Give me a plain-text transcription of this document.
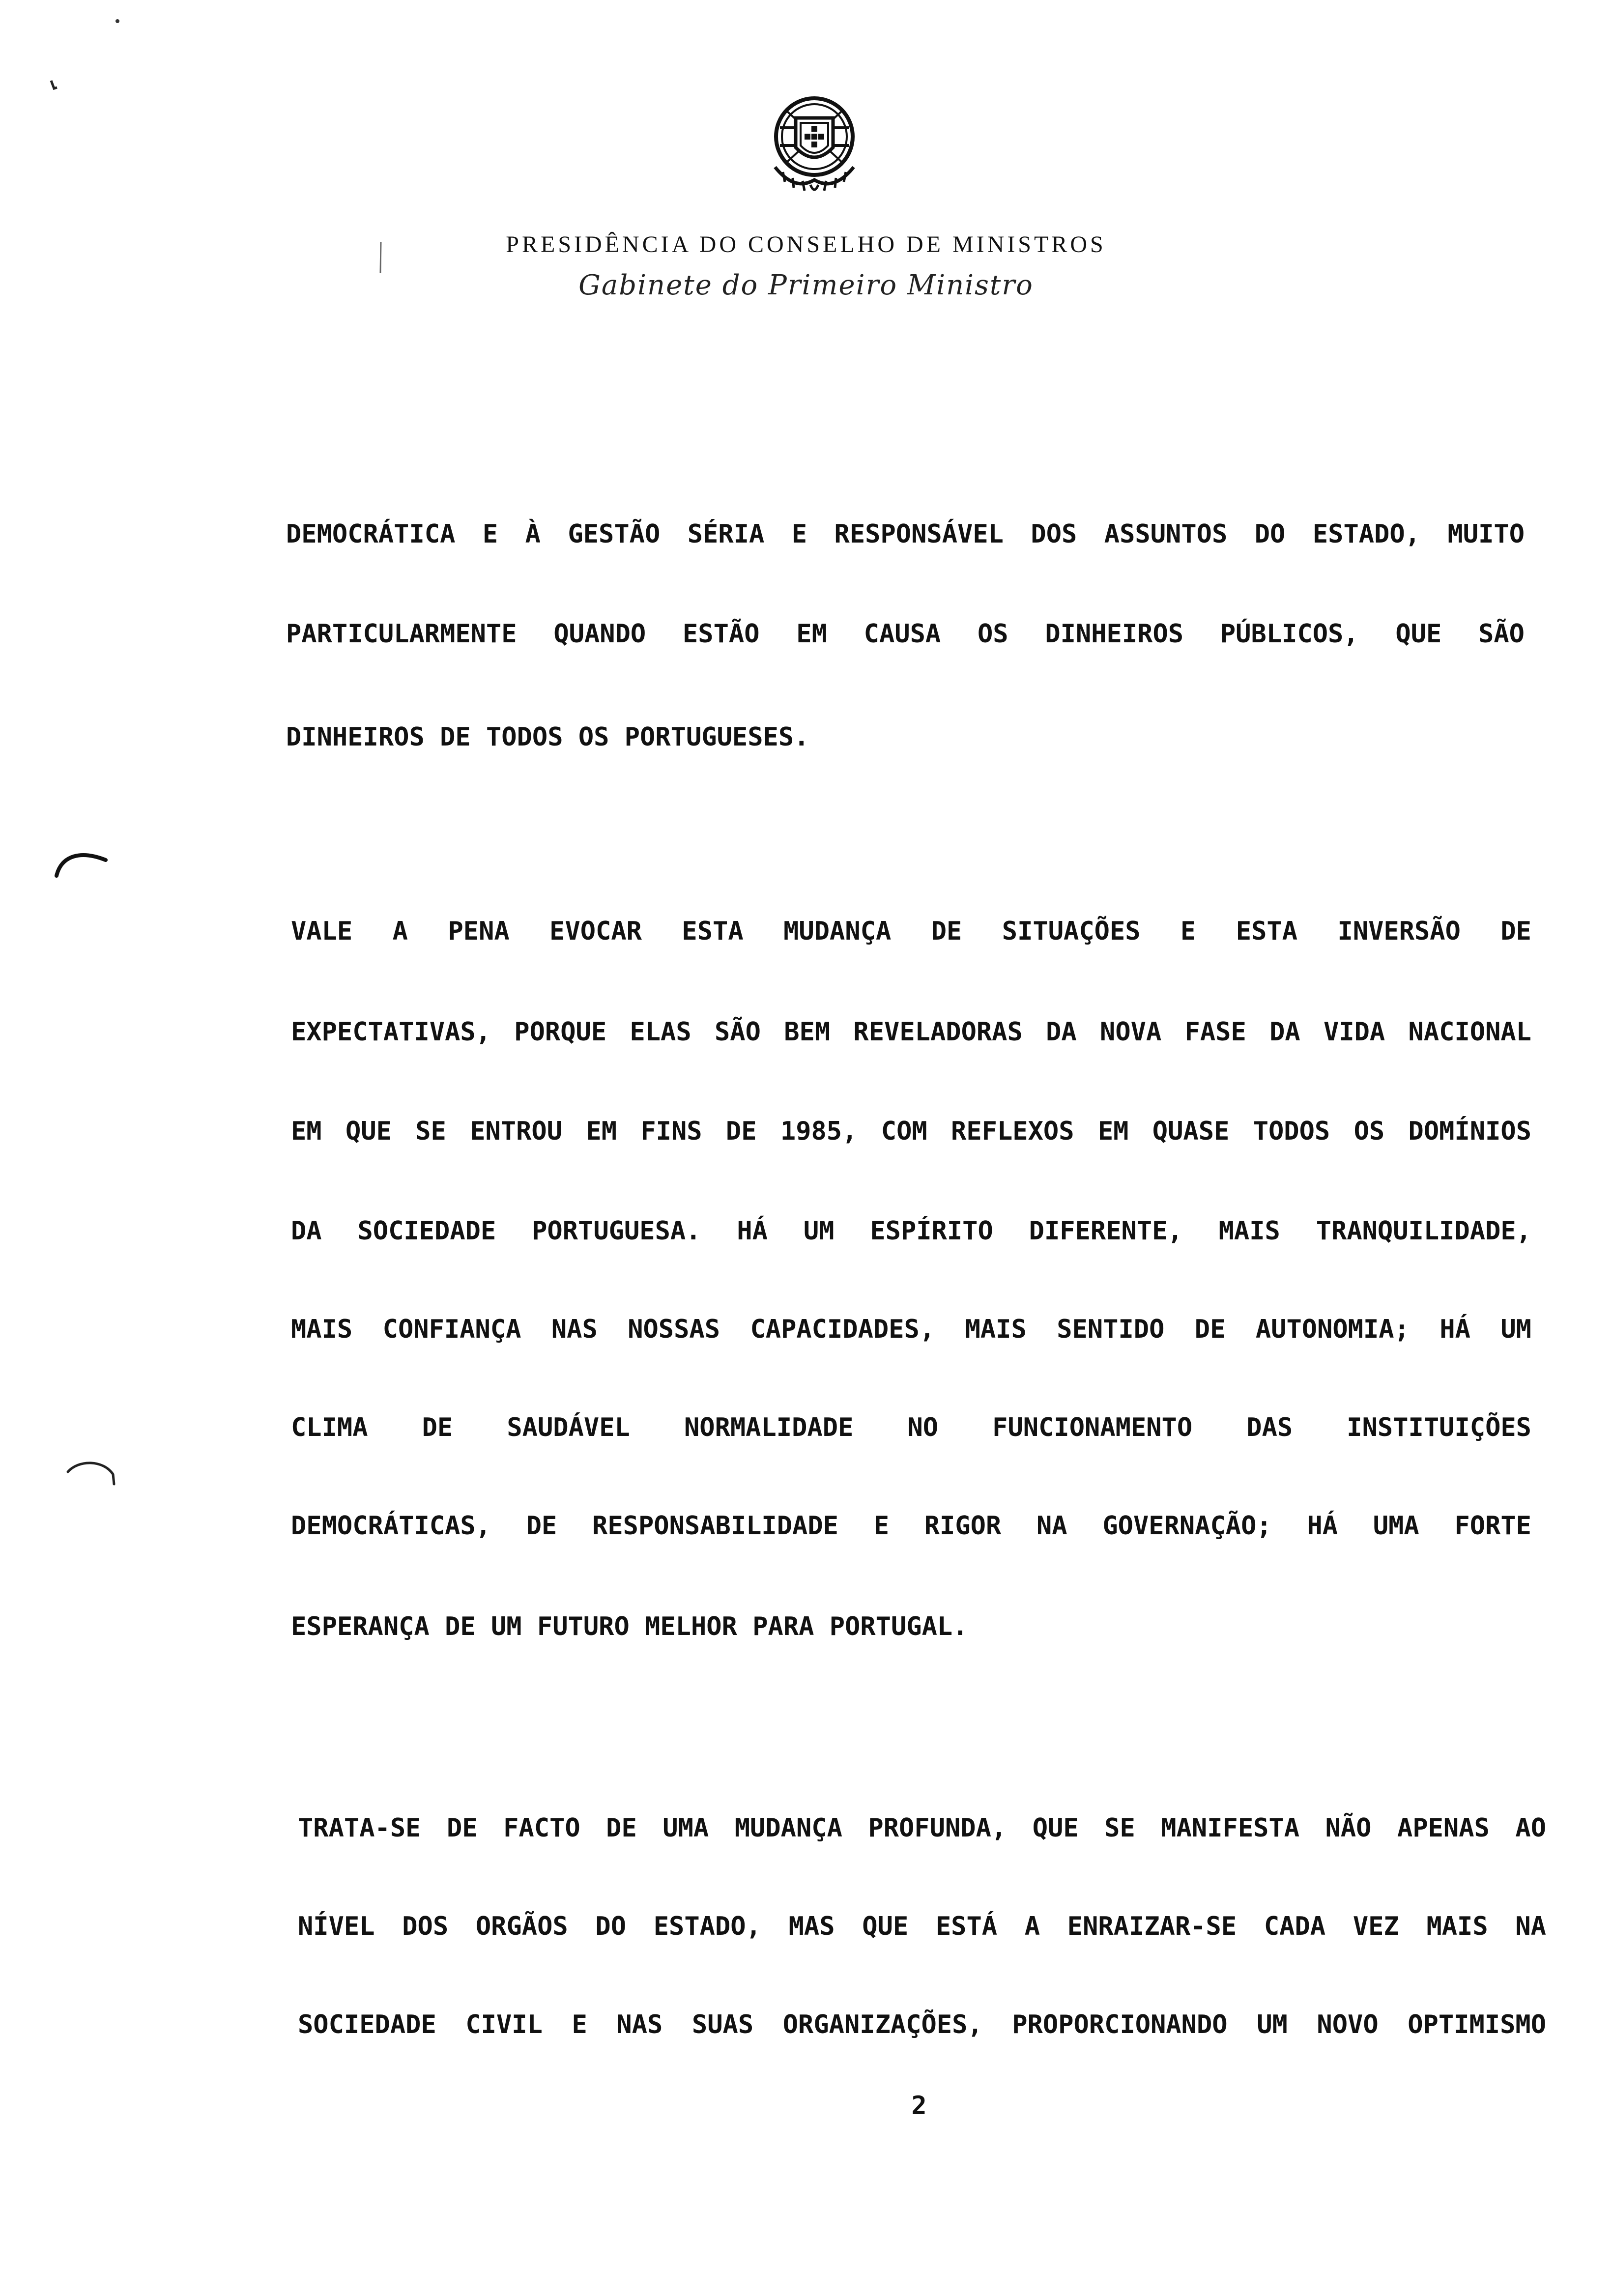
PRESIDÊNCIA DO CONSELHO DE MINISTROS
Gabinete do Primeiro Ministro
DEMOCRÁTICA E À GESTÃO SÉRIA E RESPONSÁVEL DOS ASSUNTOS DO ESTADO, MUITO
PARTICULARMENTE QUANDO ESTÃO EM CAUSA OS DINHEIROS PÚBLICOS, QUE SÃO
DINHEIROS DE TODOS OS PORTUGUESES.
VALE A PENA EVOCAR ESTA MUDANÇA DE SITUAÇÕES E ESTA INVERSÃO DE
EXPECTATIVAS, PORQUE ELAS SÃO BEM REVELADORAS DA NOVA FASE DA VIDA NACIONAL
EM QUE SE ENTROU EM FINS DE 1985, COM REFLEXOS EM QUASE TODOS OS DOMÍNIOS
DA SOCIEDADE PORTUGUESA. HÁ UM ESPÍRITO DIFERENTE, MAIS TRANQUILIDADE,
MAIS CONFIANÇA NAS NOSSAS CAPACIDADES, MAIS SENTIDO DE AUTONOMIA; HÁ UM
CLIMA DE SAUDÁVEL NORMALIDADE NO FUNCIONAMENTO DAS INSTITUIÇÕES
DEMOCRÁTICAS, DE RESPONSABILIDADE E RIGOR NA GOVERNAÇÃO; HÁ UMA FORTE
ESPERANÇA DE UM FUTURO MELHOR PARA PORTUGAL.
TRATA-SE DE FACTO DE UMA MUDANÇA PROFUNDA, QUE SE MANIFESTA NÃO APENAS AO
NÍVEL DOS ORGÃOS DO ESTADO, MAS QUE ESTÁ A ENRAIZAR-SE CADA VEZ MAIS NA
SOCIEDADE CIVIL E NAS SUAS ORGANIZAÇÕES, PROPORCIONANDO UM NOVO OPTIMISMO
2
